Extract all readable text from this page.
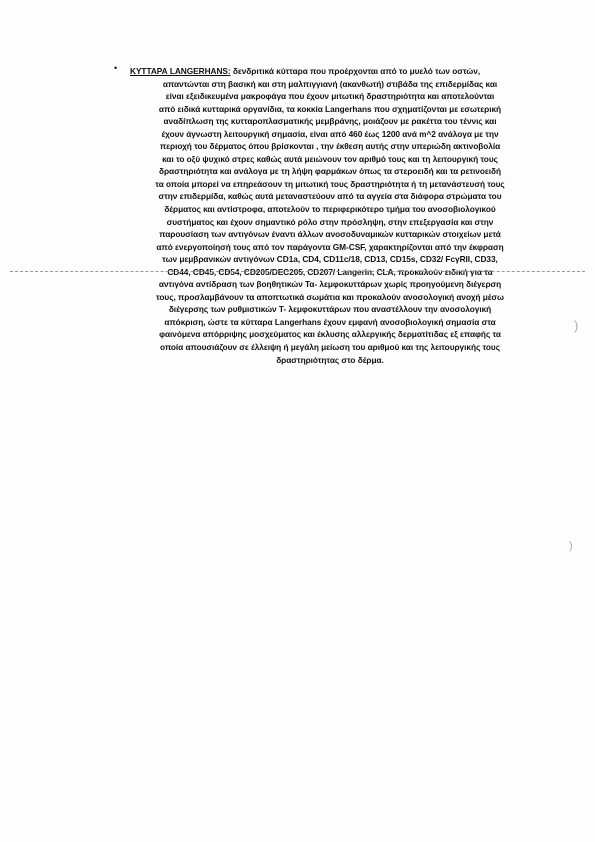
• ΚΥΤΤΑΡΑ LANGERHANS: δενδριτικά κύτταρα που προέρχονται από το μυελό των οστών,
απαντώνται στη βασική και στη μαλπιγγιανή (ακανθωτή) στιβάδα της επιδερμίδας και
είναι εξειδικευμένα μακροφάγα που έχουν μιτωτική δραστηριότητα και αποτελούνται
από ειδικά κυτταρικά οργανίδια, τα κοκκία Langerhans που σχηματίζονται με εσωτερική
αναδίπλωση της κυτταροπλασματικής μεμβράνης, μοιάζουν με ρακέττα του τέννις και
έχουν άγνωστη λειτουργική σημασία, είναι από 460 έως 1200 ανά m^2 ανάλογα με την
περιοχή του δέρματος όπου βρίσκονται , την έκθεση αυτής στην υπεριώδη ακτινοβολία
και το οξύ ψυχικό στρες καθώς αυτά μειώνουν τον αριθμό τους και τη λειτουργική τους
δραστηριότητα και ανάλογα με τη λήψη φαρμάκων όπως τα στεροειδή και τα ρετινοειδή
τα οποία μπορεί να επηρεάσουν τη μιτωτική τους δραστηριότητα ή τη μετανάστευσή τους
στην επιδερμίδα, καθώς αυτά μεταναστεύουν από τα αγγεία στα διάφορα στρώματα του
δέρματος και αντίστροφα, αποτελούν το περιφερικότερο τμήμα του ανοσοβιολογικού
συστήματος και έχουν σημαντικό ρόλο στην πρόσληψη, στην επεξεργασία και στην
παρουσίαση των αντιγόνων έναντι άλλων ανοσοδυναμικών κυτταρικών στοιχείων μετά
από ενεργοποίησή τους από τον παράγοντα GM-CSF, χαρακτηρίζονται από την έκφραση
των μεμβρανικών αντιγόνων CD1a, CD4, CD11c/18, CD13, CD15s, CD32/ FcγRII, CD33,
CD44, CD45, CD54, CD205/DEC205, CD207/ Langerin, CLA, προκαλούν ειδική για τα
αντιγόνα αντίδραση των βοηθητικών Τα- λεμφοκυττάρων χωρίς προηγούμενη διέγερση
τους, προσλαμβάνουν τα αποπτωτικά σωμάτια και προκαλούν ανοσολογική ανοχή μέσω
διέγερσης των ρυθμιστικών Τ- λεμφοκυττάρων που αναστέλλουν την ανοσολογική
απόκριση, ώστε τα κύτταρα Langerhans έχουν εμφανή ανοσοβιολογική σημασία στα
φαινόμενα απόρριψης μοσχεύματος και έκλυσης αλλεργικής δερματίτιδας εξ επαφής τα
οποία απουσιάζουν σε έλλειψη ή μεγάλη μείωση του αριθμού και της λειτουργικής τους
δραστηριότητας στο δέρμα.
)
)
